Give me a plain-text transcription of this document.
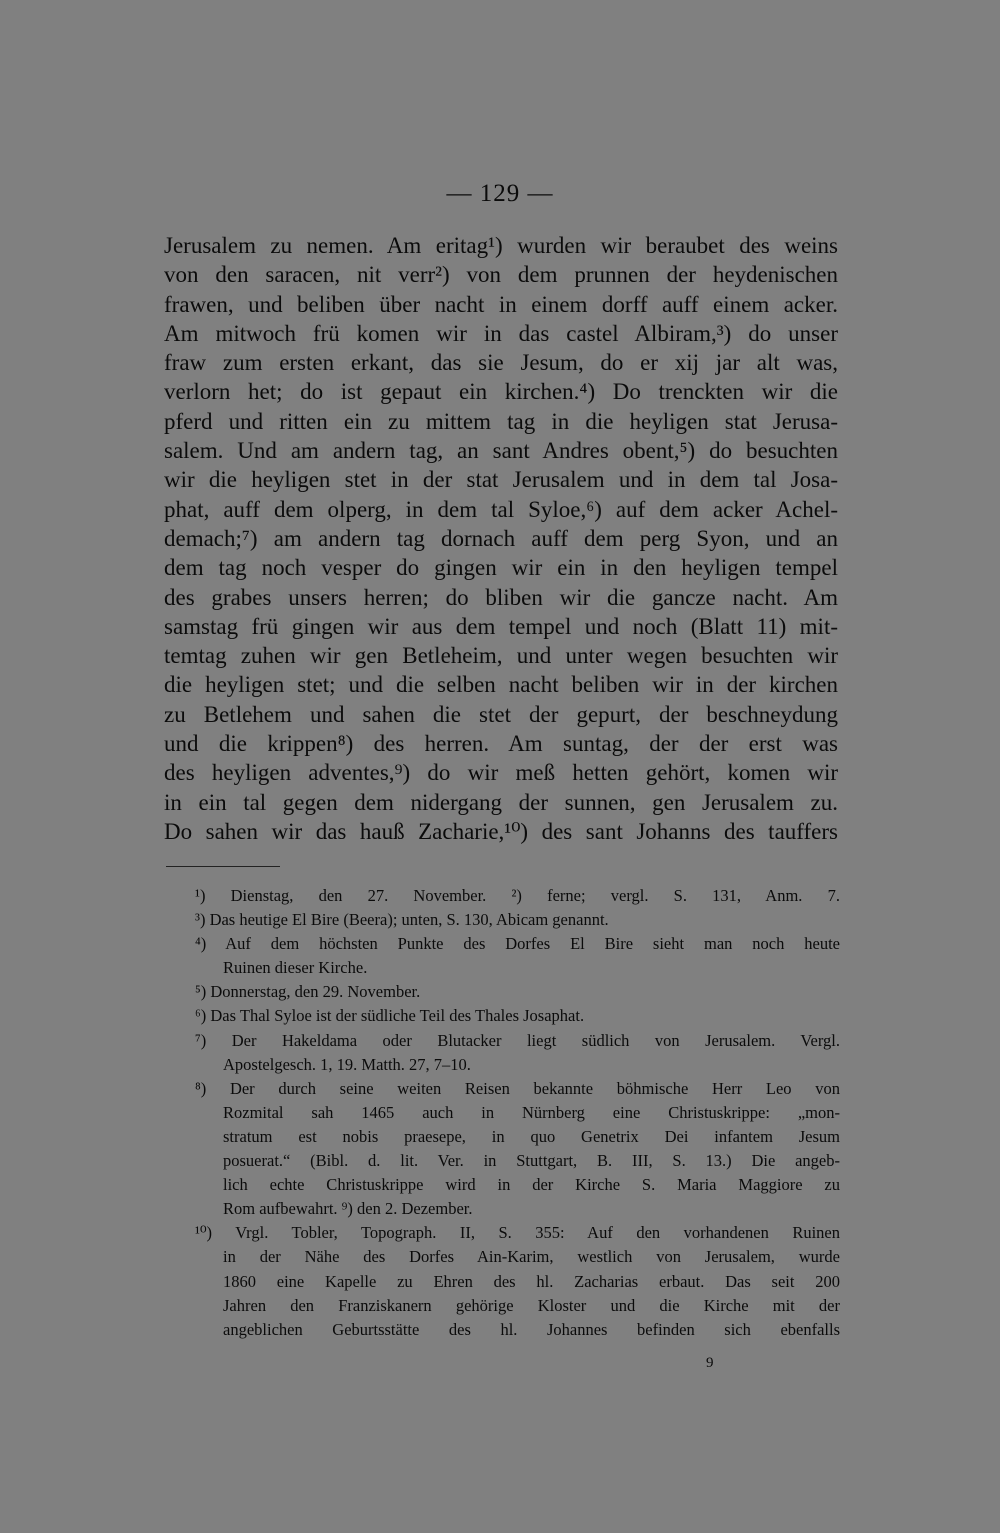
— 129 —
Jerusalem zu nemen. Am eritag¹) wurden wir beraubet des weins
von den saracen, nit verr²) von dem prunnen der heydenischen
frawen, und beliben über nacht in einem dorff auff einem acker.
Am mitwoch frü komen wir in das castel Albiram,³) do unser
fraw zum ersten erkant, das sie Jesum, do er xij jar alt was,
verlorn het; do ist gepaut ein kirchen.⁴) Do trenckten wir die
pferd und ritten ein zu mittem tag in die heyligen stat Jerusa-
salem. Und am andern tag, an sant Andres obent,⁵) do besuchten
wir die heyligen stet in der stat Jerusalem und in dem tal Josa-
phat, auff dem olperg, in dem tal Syloe,⁶) auf dem acker Achel-
demach;⁷) am andern tag dornach auff dem perg Syon, und an
dem tag noch vesper do gingen wir ein in den heyligen tempel
des grabes unsers herren; do bliben wir die gancze nacht. Am
samstag frü gingen wir aus dem tempel und noch (Blatt 11) mit-
temtag zuhen wir gen Betleheim, und unter wegen besuchten wir
die heyligen stet; und die selben nacht beliben wir in der kirchen
zu Betlehem und sahen die stet der gepurt, der beschneydung
und die krippen⁸) des herren. Am suntag, der der erst was
des heyligen adventes,⁹) do wir meß hetten gehört, komen wir
in ein tal gegen dem nidergang der sunnen, gen Jerusalem zu.
Do sahen wir das hauß Zacharie,¹⁰) des sant Johanns des tauffers
¹) Dienstag, den 27. November. ²) ferne; vergl. S. 131, Anm. 7.
³) Das heutige El Bire (Beera); unten, S. 130, Abicam genannt.
⁴) Auf dem höchsten Punkte des Dorfes El Bire sieht man noch heute
Ruinen dieser Kirche.
⁵) Donnerstag, den 29. November.
⁶) Das Thal Syloe ist der südliche Teil des Thales Josaphat.
⁷) Der Hakeldama oder Blutacker liegt südlich von Jerusalem. Vergl.
Apostelgesch. 1, 19. Matth. 27, 7–10.
⁸) Der durch seine weiten Reisen bekannte böhmische Herr Leo von
Rozmital sah 1465 auch in Nürnberg eine Christuskrippe: „mon-
stratum est nobis praesepe, in quo Genetrix Dei infantem Jesum
posuerat.“ (Bibl. d. lit. Ver. in Stuttgart, B. III, S. 13.) Die angeb-
lich echte Christuskrippe wird in der Kirche S. Maria Maggiore zu
Rom aufbewahrt. ⁹) den 2. Dezember.
¹⁰) Vrgl. Tobler, Topograph. II, S. 355: Auf den vorhandenen Ruinen
in der Nähe des Dorfes Ain-Karim, westlich von Jerusalem, wurde
1860 eine Kapelle zu Ehren des hl. Zacharias erbaut. Das seit 200
Jahren den Franziskanern gehörige Kloster und die Kirche mit der
angeblichen Geburtsstätte des hl. Johannes befinden sich ebenfalls
9
